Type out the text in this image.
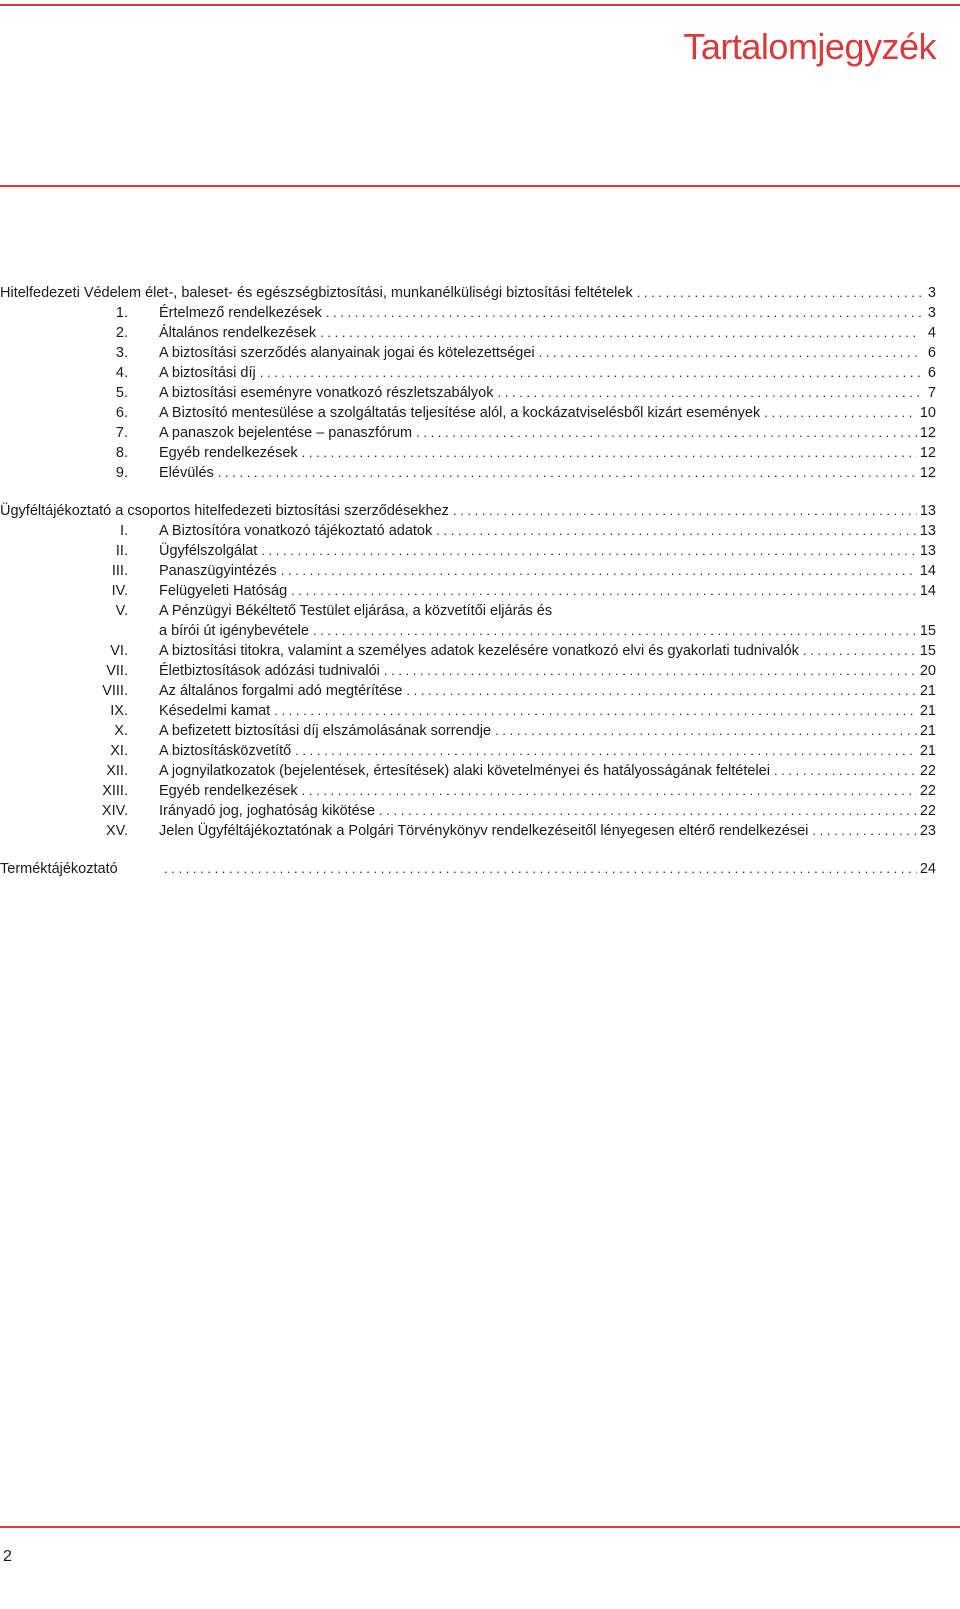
Tartalomjegyzék
Hitelfedezeti Védelem élet-, baleset- és egészségbiztosítási, munkanélküliségi biztosítási feltételek . . .	3
1.	Értelmező rendelkezések . . .	3
2.	Általános rendelkezések . . .	4
3.	A biztosítási szerződés alanyainak jogai és kötelezettségei . . .	6
4.	A biztosítási díj . . .	6
5.	A biztosítási eseményre vonatkozó részletszabályok . . .	7
6.	A Biztosító mentesülése a szolgáltatás teljesítése alól, a kockázatviselésből kizárt események . . .	10
7.	A panaszok bejelentése – panaszfórum . . .	12
8.	Egyéb rendelkezések . . .	12
9.	Elévülés . . .	12
Ügyféltájékoztató a csoportos hitelfedezeti biztosítási szerződésekhez . . .	13
I.	A Biztosítóra vonatkozó tájékoztató adatok . . .	13
II.	Ügyfélszolgálat . . .	13
III.	Panaszügyintézés . . .	14
IV.	Felügyeleti Hatóság . . .	14
V.	A Pénzügyi Békéltető Testület eljárása, a közvetítői eljárás és
a bírói út igénybevétele . . .	15
VI.	A biztosítási titokra, valamint a személyes adatok kezelésére vonatkozó elvi és gyakorlati tudnivalók . . .	15
VII.	Életbiztosítások adózási tudnivalói . . .	20
VIII.	Az általános forgalmi adó megtérítése . . .	21
IX.	Késedelmi kamat . . .	21
X.	A befizetett biztosítási díj elszámolásának sorrendje . . .	21
XI.	A biztosításközvetítő . . .	21
XII.	A jognyilatkozatok (bejelentések, értesítések) alaki követelményei és hatályosságának feltételei . . .	22
XIII.	Egyéb rendelkezések . . .	22
XIV.	Irányadó jog, joghatóság kikötése . . .	22
XV.	Jelen Ügyféltájékoztatónak a Polgári Törvénykönyv rendelkezéseitől lényegesen eltérő rendelkezései . . .	23
Terméktájékoztató . . .	24
2
